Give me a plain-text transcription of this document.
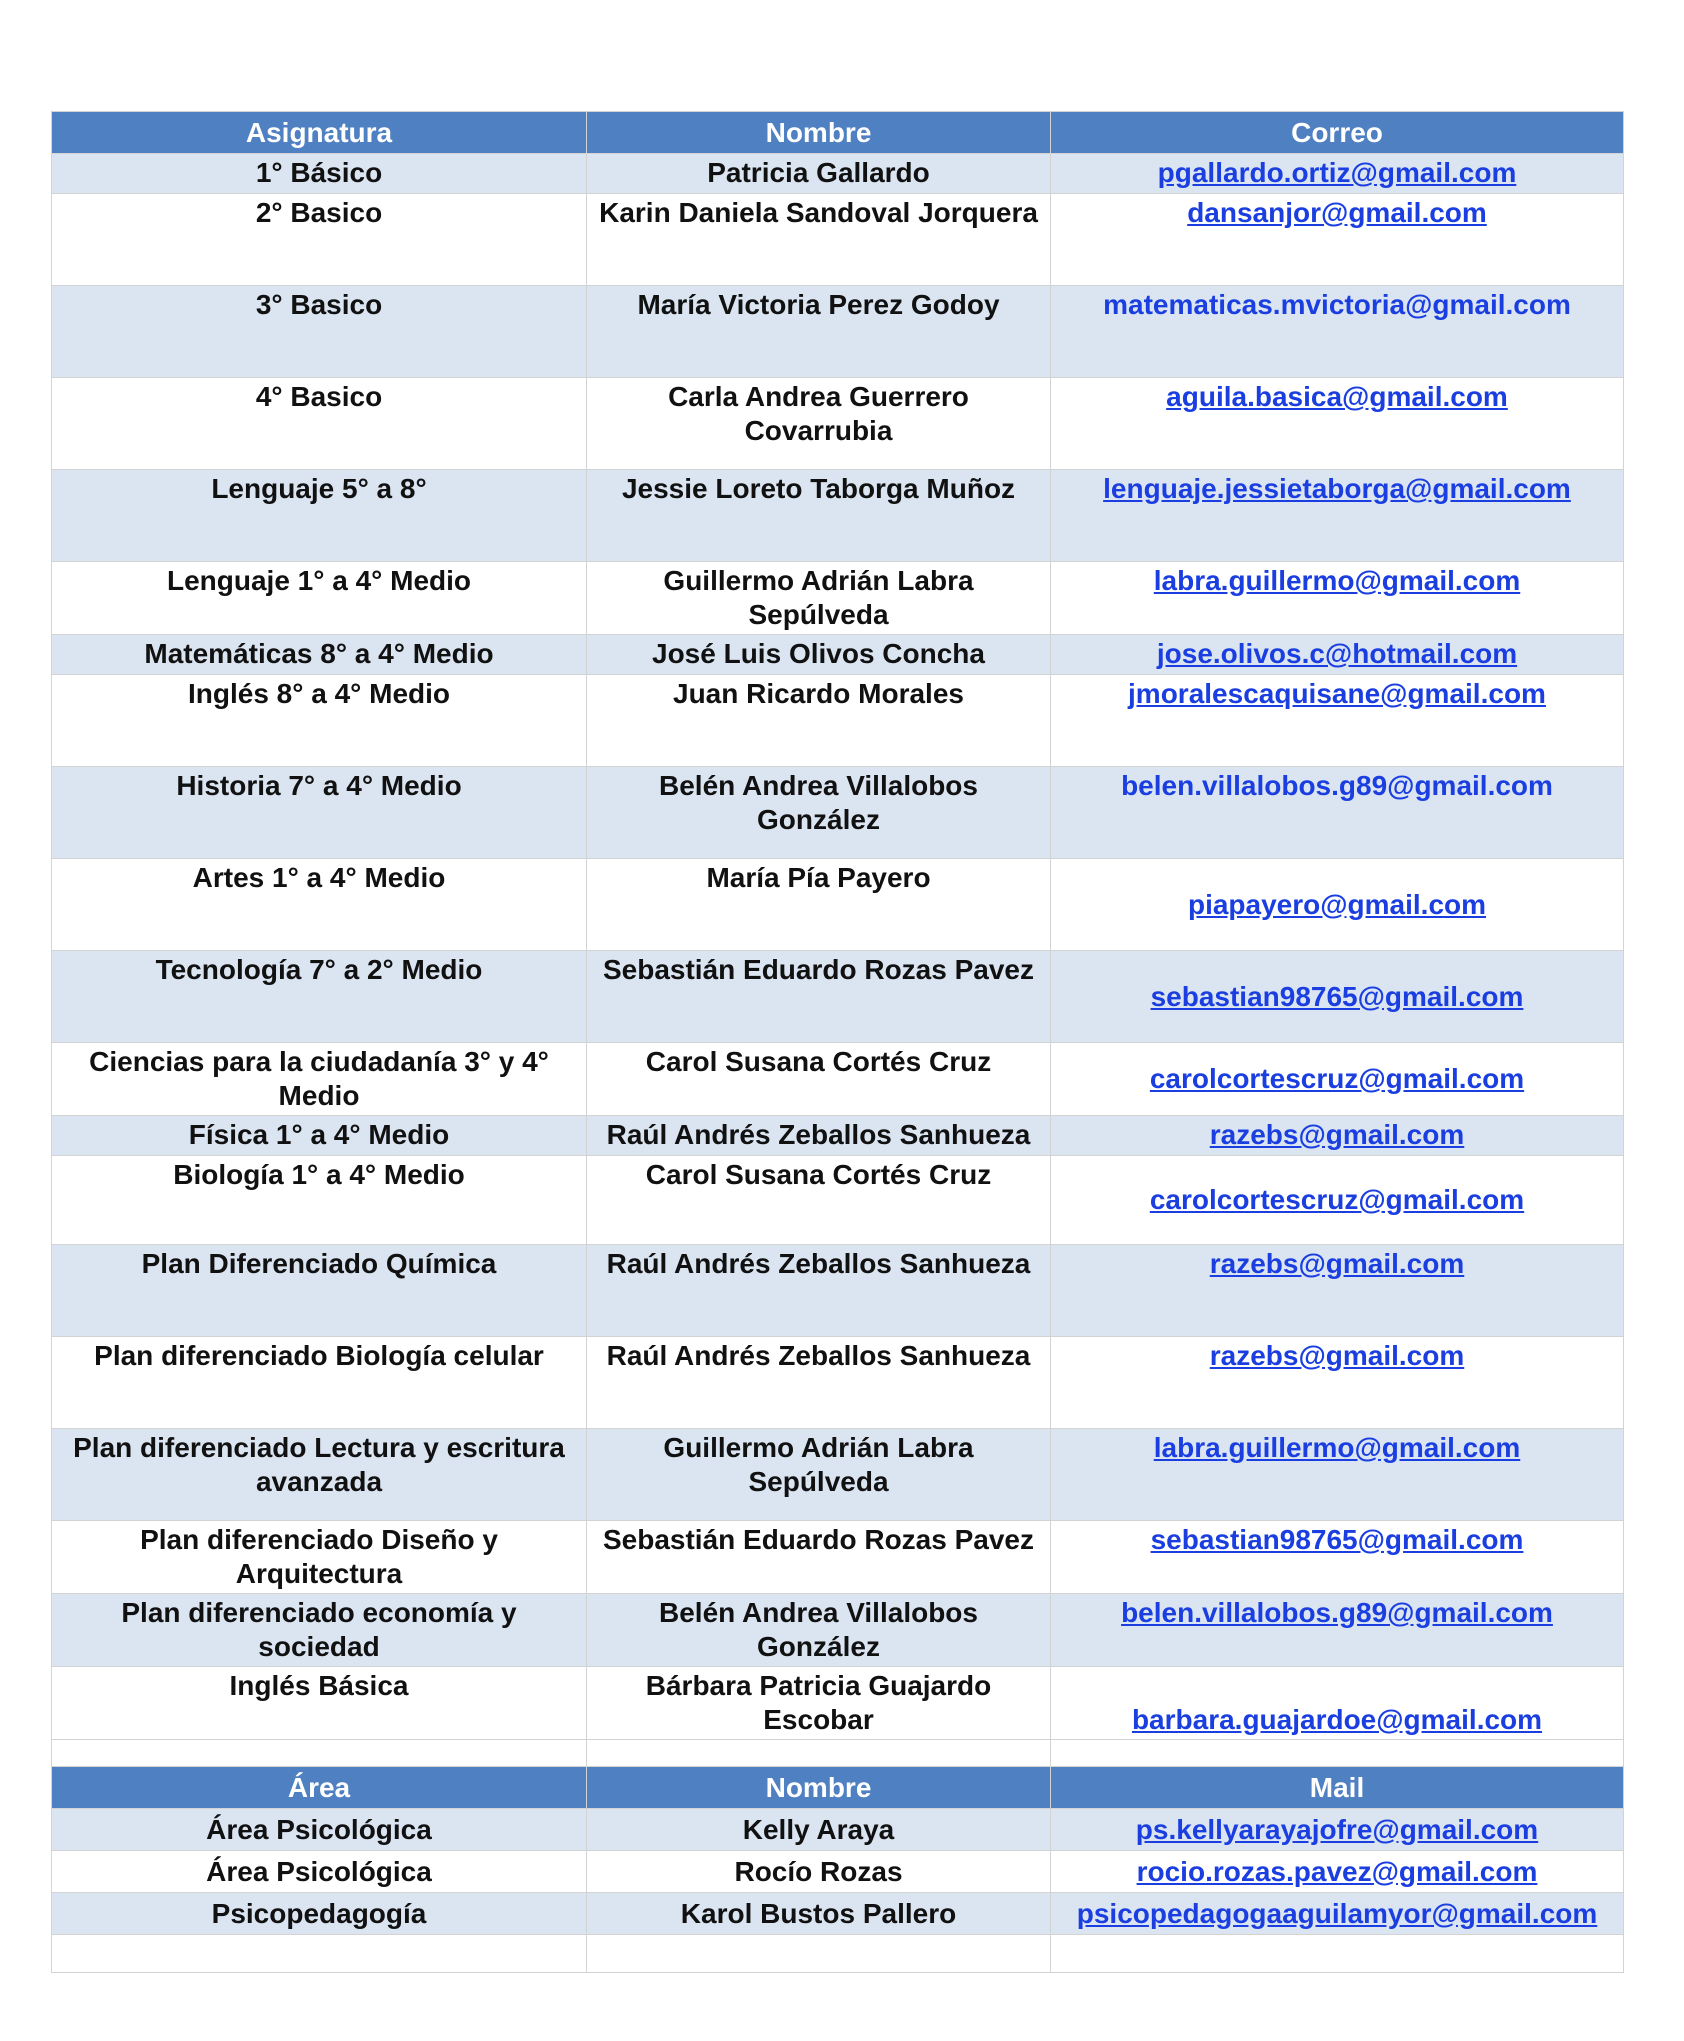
Asignatura	Nombre	Correo
1° Básico	Patricia Gallardo	pgallardo.ortiz@gmail.com
2° Basico	Karin Daniela Sandoval Jorquera	dansanjor@gmail.com
3° Basico	María Victoria Perez Godoy	matematicas.mvictoria@gmail.com
4° Basico	Carla Andrea Guerrero Covarrubia	aguila.basica@gmail.com
Lenguaje 5° a 8°	Jessie Loreto Taborga Muñoz	lenguaje.jessietaborga@gmail.com
Lenguaje 1° a 4° Medio	Guillermo Adrián Labra Sepúlveda	labra.guillermo@gmail.com
Matemáticas 8° a 4° Medio	José Luis Olivos Concha	jose.olivos.c@hotmail.com
Inglés 8° a 4° Medio	Juan Ricardo Morales	jmoralescaquisane@gmail.com
Historia 7° a 4° Medio	Belén Andrea Villalobos González	belen.villalobos.g89@gmail.com
Artes 1° a 4° Medio	María Pía Payero	piapayero@gmail.com
Tecnología 7° a 2° Medio	Sebastián Eduardo Rozas Pavez	sebastian98765@gmail.com
Ciencias para la ciudadanía 3° y 4° Medio	Carol Susana Cortés Cruz	carolcortescruz@gmail.com
Física 1° a 4° Medio	Raúl Andrés Zeballos Sanhueza	razebs@gmail.com
Biología 1° a 4° Medio	Carol Susana Cortés Cruz	carolcortescruz@gmail.com
Plan Diferenciado Química	Raúl Andrés Zeballos Sanhueza	razebs@gmail.com
Plan diferenciado Biología celular	Raúl Andrés Zeballos Sanhueza	razebs@gmail.com
Plan diferenciado Lectura y escritura avanzada	Guillermo Adrián Labra Sepúlveda	labra.guillermo@gmail.com
Plan diferenciado Diseño y Arquitectura	Sebastián Eduardo Rozas Pavez	sebastian98765@gmail.com
Plan diferenciado economía y sociedad	Belén Andrea Villalobos González	belen.villalobos.g89@gmail.com
Inglés Básica	Bárbara Patricia Guajardo Escobar	barbara.guajardoe@gmail.com

Área	Nombre	Mail
Área Psicológica	Kelly Araya	ps.kellyarayajofre@gmail.com
Área Psicológica	Rocío Rozas	rocio.rozas.pavez@gmail.com
Psicopedagogía	Karol Bustos Pallero	psicopedagogaaguilamyor@gmail.com
